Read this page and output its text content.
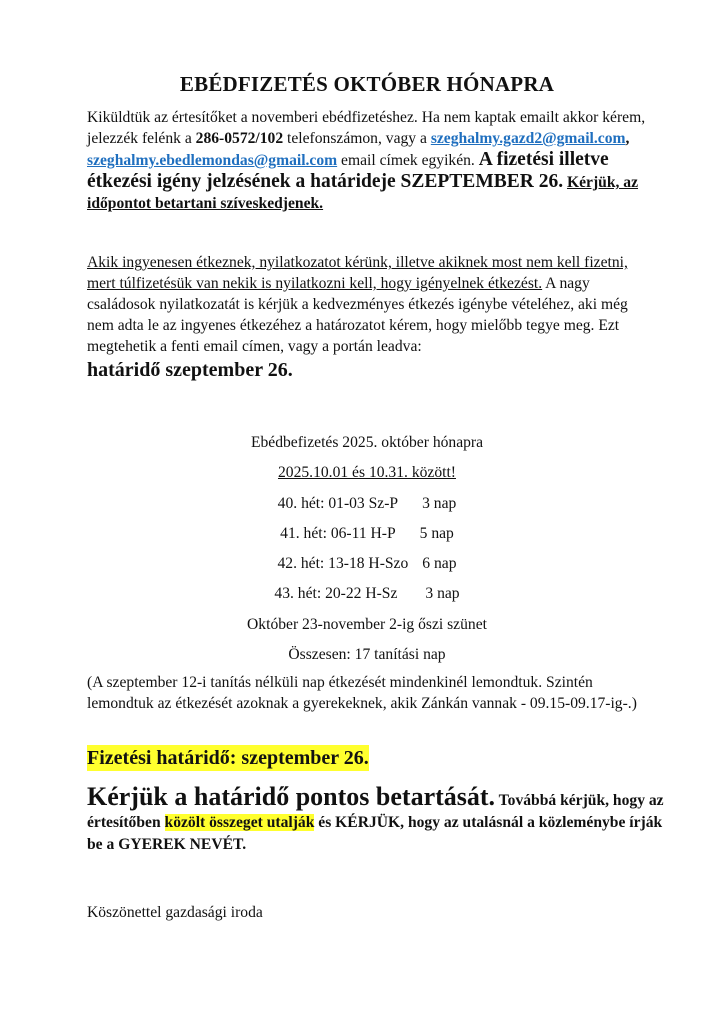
EBÉDFIZETÉS OKTÓBER HÓNAPRA
Kiküldtük az értesítőket a novemberi ebédfizetéshez. Ha nem kaptak emailt akkor kérem, jelezzék felénk a 286-0572/102 telefonszámon, vagy a szeghalmy.gazd2@gmail.com, szeghalmy.ebedlemondas@gmail.com email címek egyikén. A fizetési illetve étkezési igény jelzésének a határideje SZEPTEMBER 26. Kérjük, az időpontot betartani szíveskedjenek.
Akik ingyenesen étkeznek, nyilatkozatot kérünk, illetve akiknek most nem kell fizetni, mert túlfizetésük van nekik is nyilatkozni kell, hogy igényelnek étkezést. A nagy családosok nyilatkozatát is kérjük a kedvezményes étkezés igénybe vételéhez, aki még nem adta le az ingyenes étkezéhez a határozatot kérem, hogy mielőbb tegye meg. Ezt megtehetik a fenti email címen, vagy a portán leadva:
határidő szeptember 26.
Ebédbefizetés 2025. október hónapra
2025.10.01 és 10.31. között!
40. hét: 01-03 Sz-P 3 nap
41. hét: 06-11 H-P 5 nap
42. hét: 13-18 H-Szo 6 nap
43. hét: 20-22 H-Sz 3 nap
Október 23-november 2-ig őszi szünet
Összesen: 17 tanítási nap
(A szeptember 12-i tanítás nélküli nap étkezését mindenkinél lemondtuk. Szintén lemondtuk az étkezését azoknak a gyerekeknek, akik Zánkán vannak - 09.15-09.17-ig-.)
Fizetési határidő: szeptember 26.
Kérjük a határidő pontos betartását. Továbbá kérjük, hogy az értesítőben közölt összeget utalják és KÉRJÜK, hogy az utalásnál a közleménybe írják be a GYEREK NEVÉT.
Köszönettel gazdasági iroda
